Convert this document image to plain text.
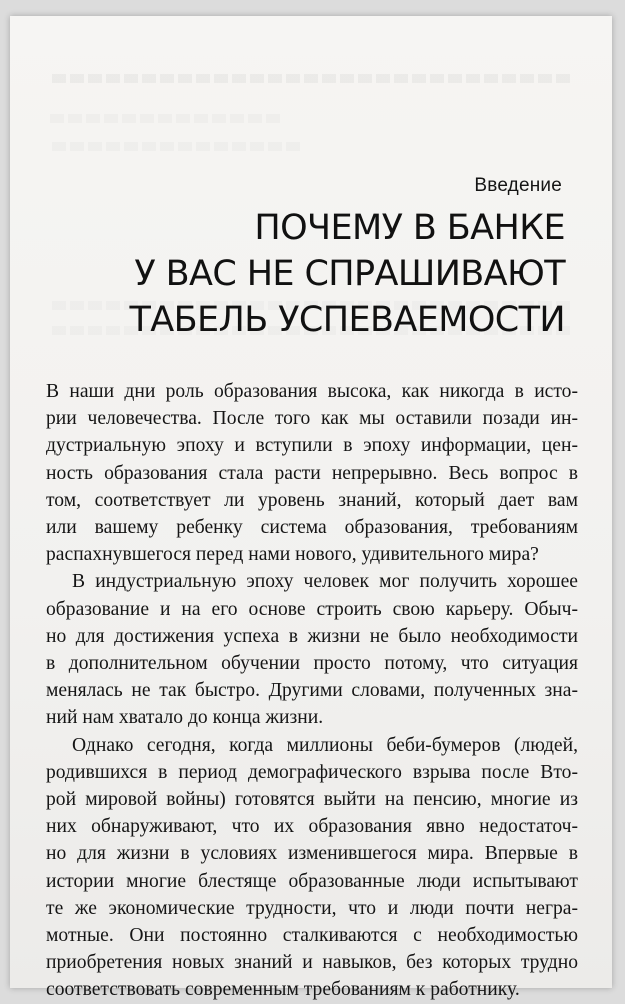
Введение
ПОЧЕМУ В БАНКЕ
У ВАС НЕ СПРАШИВАЮТ
ТАБЕЛЬ УСПЕВАЕМОСТИ
В наши дни роль образования высока, как никогда в исто-
рии человечества. После того как мы оставили позади ин-
дустриальную эпоху и вступили в эпоху информации, цен-
ность образования стала расти непрерывно. Весь вопрос в
том, соответствует ли уровень знаний, который дает вам
или вашему ребенку система образования, требованиям
распахнувшегося перед нами нового, удивительного мира?
В индустриальную эпоху человек мог получить хорошее
образование и на его основе строить свою карьеру. Обыч-
но для достижения успеха в жизни не было необходимости
в дополнительном обучении просто потому, что ситуация
менялась не так быстро. Другими словами, полученных зна-
ний нам хватало до конца жизни.
Однако сегодня, когда миллионы беби-бумеров (людей,
родившихся в период демографического взрыва после Вто-
рой мировой войны) готовятся выйти на пенсию, многие из
них обнаруживают, что их образования явно недостаточ-
но для жизни в условиях изменившегося мира. Впервые в
истории многие блестяще образованные люди испытывают
те же экономические трудности, что и люди почти негра-
мотные. Они постоянно сталкиваются с необходимостью
приобретения новых знаний и навыков, без которых трудно
соответствовать современным требованиям к работнику.
